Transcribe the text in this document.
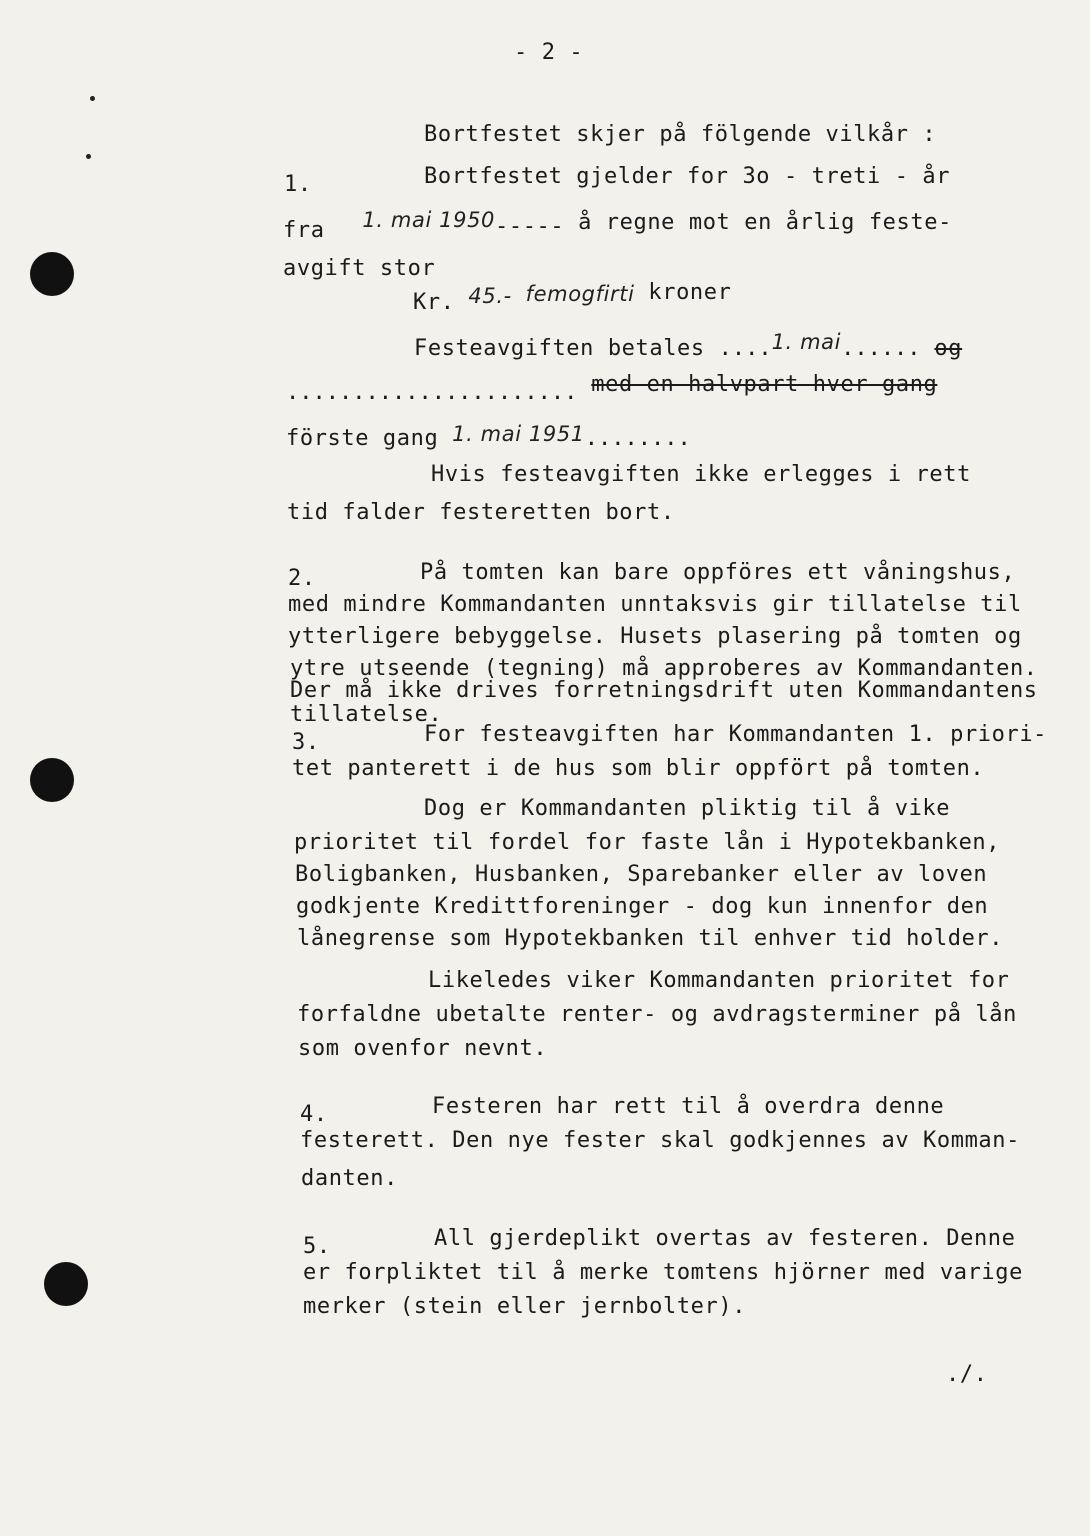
- 2 -
Bortfestet skjer på fölgende vilkår :
1.	Bortfestet gjelder for 3o - treti - år
fra 1. mai 1950----- å regne mot en årlig feste-
avgift stor
Kr. 45.- femogfirti kroner
Festeavgiften betales ....1. mai...... og
...................... med en halvpart hver gang
förste gang 1. mai 1951........
Hvis festeavgiften ikke erlegges i rett
tid falder festeretten bort.
2.	På tomten kan bare oppföres ett våningshus,
med mindre Kommandanten unntaksvis gir tillatelse til
ytterligere bebyggelse. Husets plasering på tomten og
ytre utseende (tegning) må approberes av Kommandanten.
Der må ikke drives forretningsdrift uten Kommandantens
tillatelse.
3.	For festeavgiften har Kommandanten 1. priori-
tet panterett i de hus som blir oppfört på tomten.
Dog er Kommandanten pliktig til å vike
prioritet til fordel for faste lån i Hypotekbanken,
Boligbanken, Husbanken, Sparebanker eller av loven
godkjente Kredittforeninger - dog kun innenfor den
lånegrense som Hypotekbanken til enhver tid holder.
Likeledes viker Kommandanten prioritet for
forfaldne ubetalte renter- og avdragsterminer på lån
som ovenfor nevnt.
4.	Festeren har rett til å overdra denne
festerett. Den nye fester skal godkjennes av Komman-
danten.
5.	All gjerdeplikt overtas av festeren. Denne
er forpliktet til å merke tomtens hjörner med varige
merker (stein eller jernbolter).
./.
